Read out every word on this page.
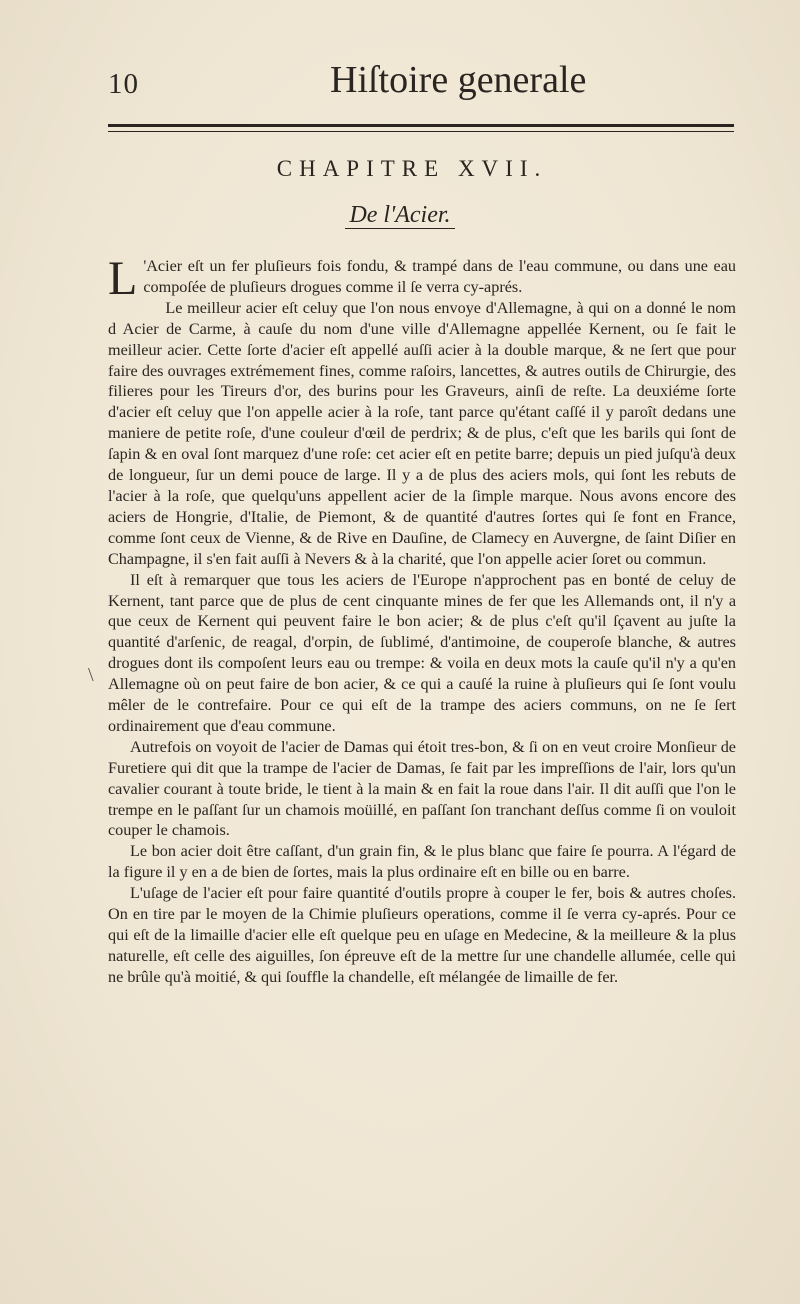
10	Hiſtoire generale
CHAPITRE XVII.
De l'Acier.
\

L 'Acier eſt un fer pluſieurs fois fondu, & trampé dans de l'eau commune, ou dans une eau compoſée de pluſieurs drogues comme il ſe verra cy-aprés.

Le meilleur acier eſt celuy que l'on nous envoye d'Allemagne, à qui on a donné le nom d Acier de Carme, à cauſe du nom d'une ville d'Allemagne appellée Kernent, ou ſe fait le meilleur acier. Cette ſorte d'acier eſt appellé auſſi acier à la double marque, & ne ſert que pour faire des ouvrages extrémement fines, comme raſoirs, lancettes, & autres outils de Chirurgie, des filieres pour les Tireurs d'or, des burins pour les Graveurs, ainſi de reſte. La deuxiéme ſorte d'acier eſt celuy que l'on appelle acier à la roſe, tant parce qu'étant caſſé il y paroît dedans une maniere de petite roſe, d'une couleur d'œil de perdrix; & de plus, c'eſt que les barils qui ſont de ſapin & en oval ſont marquez d'une roſe: cet acier eſt en petite barre; depuis un pied juſqu'à deux de longueur, ſur un demi pouce de large. Il y a de plus des aciers mols, qui ſont les rebuts de l'acier à la roſe, que quelqu'uns appellent acier de la ſimple marque. Nous avons encore des aciers de Hongrie, d'Italie, de Piemont, & de quantité d'autres ſortes qui ſe font en France, comme ſont ceux de Vienne, & de Rive en Dauſine, de Clamecy en Auvergne, de ſaint Diſier en Champagne, il s'en fait auſſi à Nevers & à la charité, que l'on appelle acier ſoret ou commun.

Il eſt à remarquer que tous les aciers de l'Europe n'approchent pas en bonté de celuy de Kernent, tant parce que de plus de cent cinquante mines de fer que les Allemands ont, il n'y a que ceux de Kernent qui peuvent faire le bon acier; & de plus c'eſt qu'il ſçavent au juſte la quantité d'arſenic, de reagal, d'orpin, de ſublimé, d'antimoine, de couperoſe blanche, & autres drogues dont ils compoſent leurs eau ou trempe: & voila en deux mots la cauſe qu'il n'y a qu'en Allemagne où on peut faire de bon acier, & ce qui a cauſé la ruine à pluſieurs qui ſe ſont voulu mêler de le contrefaire. Pour ce qui eſt de la trampe des aciers communs, on ne ſe ſert ordinairement que d'eau commune.

Autrefois on voyoit de l'acier de Damas qui étoit tres-bon, & ſi on en veut croire Monſieur de Furetiere qui dit que la trampe de l'acier de Damas, ſe fait par les impreſſions de l'air, lors qu'un cavalier courant à toute bride, le tient à la main & en fait la roue dans l'air. Il dit auſſi que l'on le trempe en le paſſant ſur un chamois moüillé, en paſſant ſon tranchant deſſus comme ſi on vouloit couper le chamois.

Le bon acier doit être caſſant, d'un grain fin, & le plus blanc que faire ſe pourra. A l'égard de la figure il y en a de bien de ſortes, mais la plus ordinaire eſt en bille ou en barre.

L'uſage de l'acier eſt pour faire quantité d'outils propre à couper le fer, bois & autres choſes. On en tire par le moyen de la Chimie pluſieurs operations, comme il ſe verra cy-aprés. Pour ce qui eſt de la limaille d'acier elle eſt quelque peu en uſage en Medecine, & la meilleure & la plus naturelle, eſt celle des aiguilles, ſon épreuve eſt de la mettre ſur une chandelle allumée, celle qui ne brûle qu'à moitié, & qui ſouffle la chandelle, eſt mélangée de limaille de fer.
